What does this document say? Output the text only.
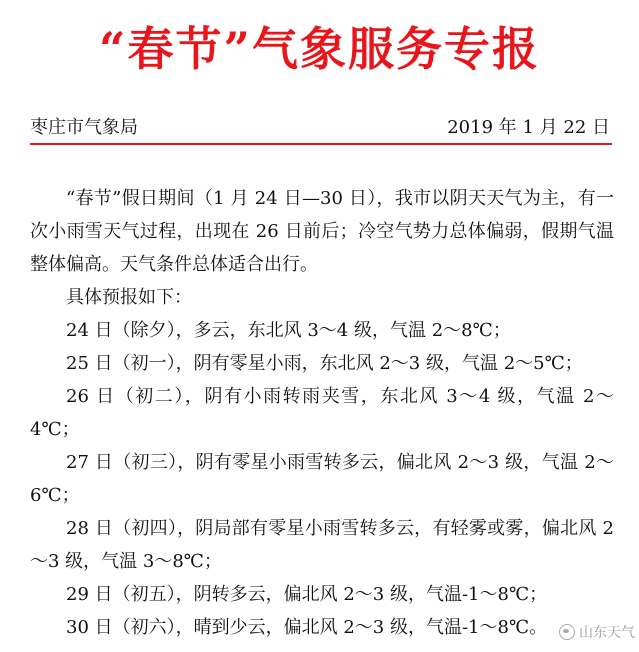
“春节”气象服务专报
枣庄市气象局	2019 年 1 月 22 日

“春节”假日期间（1 月 24 日—30 日），我市以阴天天气为主，有一次小雨雪天气过程，出现在 26 日前后；冷空气势力总体偏弱，假期气温整体偏高。天气条件总体适合出行。

具体预报如下：

24 日（除夕），多云，东北风 3～4 级，气温 2～8℃；

25 日（初一），阴有零星小雨，东北风 2～3 级，气温 2～5℃；

26 日（初二），阴有小雨转雨夹雪，东北风 3～4 级，气温 2～4℃；

27 日（初三），阴有零星小雨雪转多云，偏北风 2～3 级，气温 2～6℃；

28 日（初四），阴局部有零星小雨雪转多云，有轻雾或雾，偏北风 2～3 级，气温 3～8℃；

29 日（初五），阴转多云，偏北风 2～3 级，气温-1～8℃；

30 日（初六），晴到少云，偏北风 2～3 级，气温-1～8℃。	山东天气
